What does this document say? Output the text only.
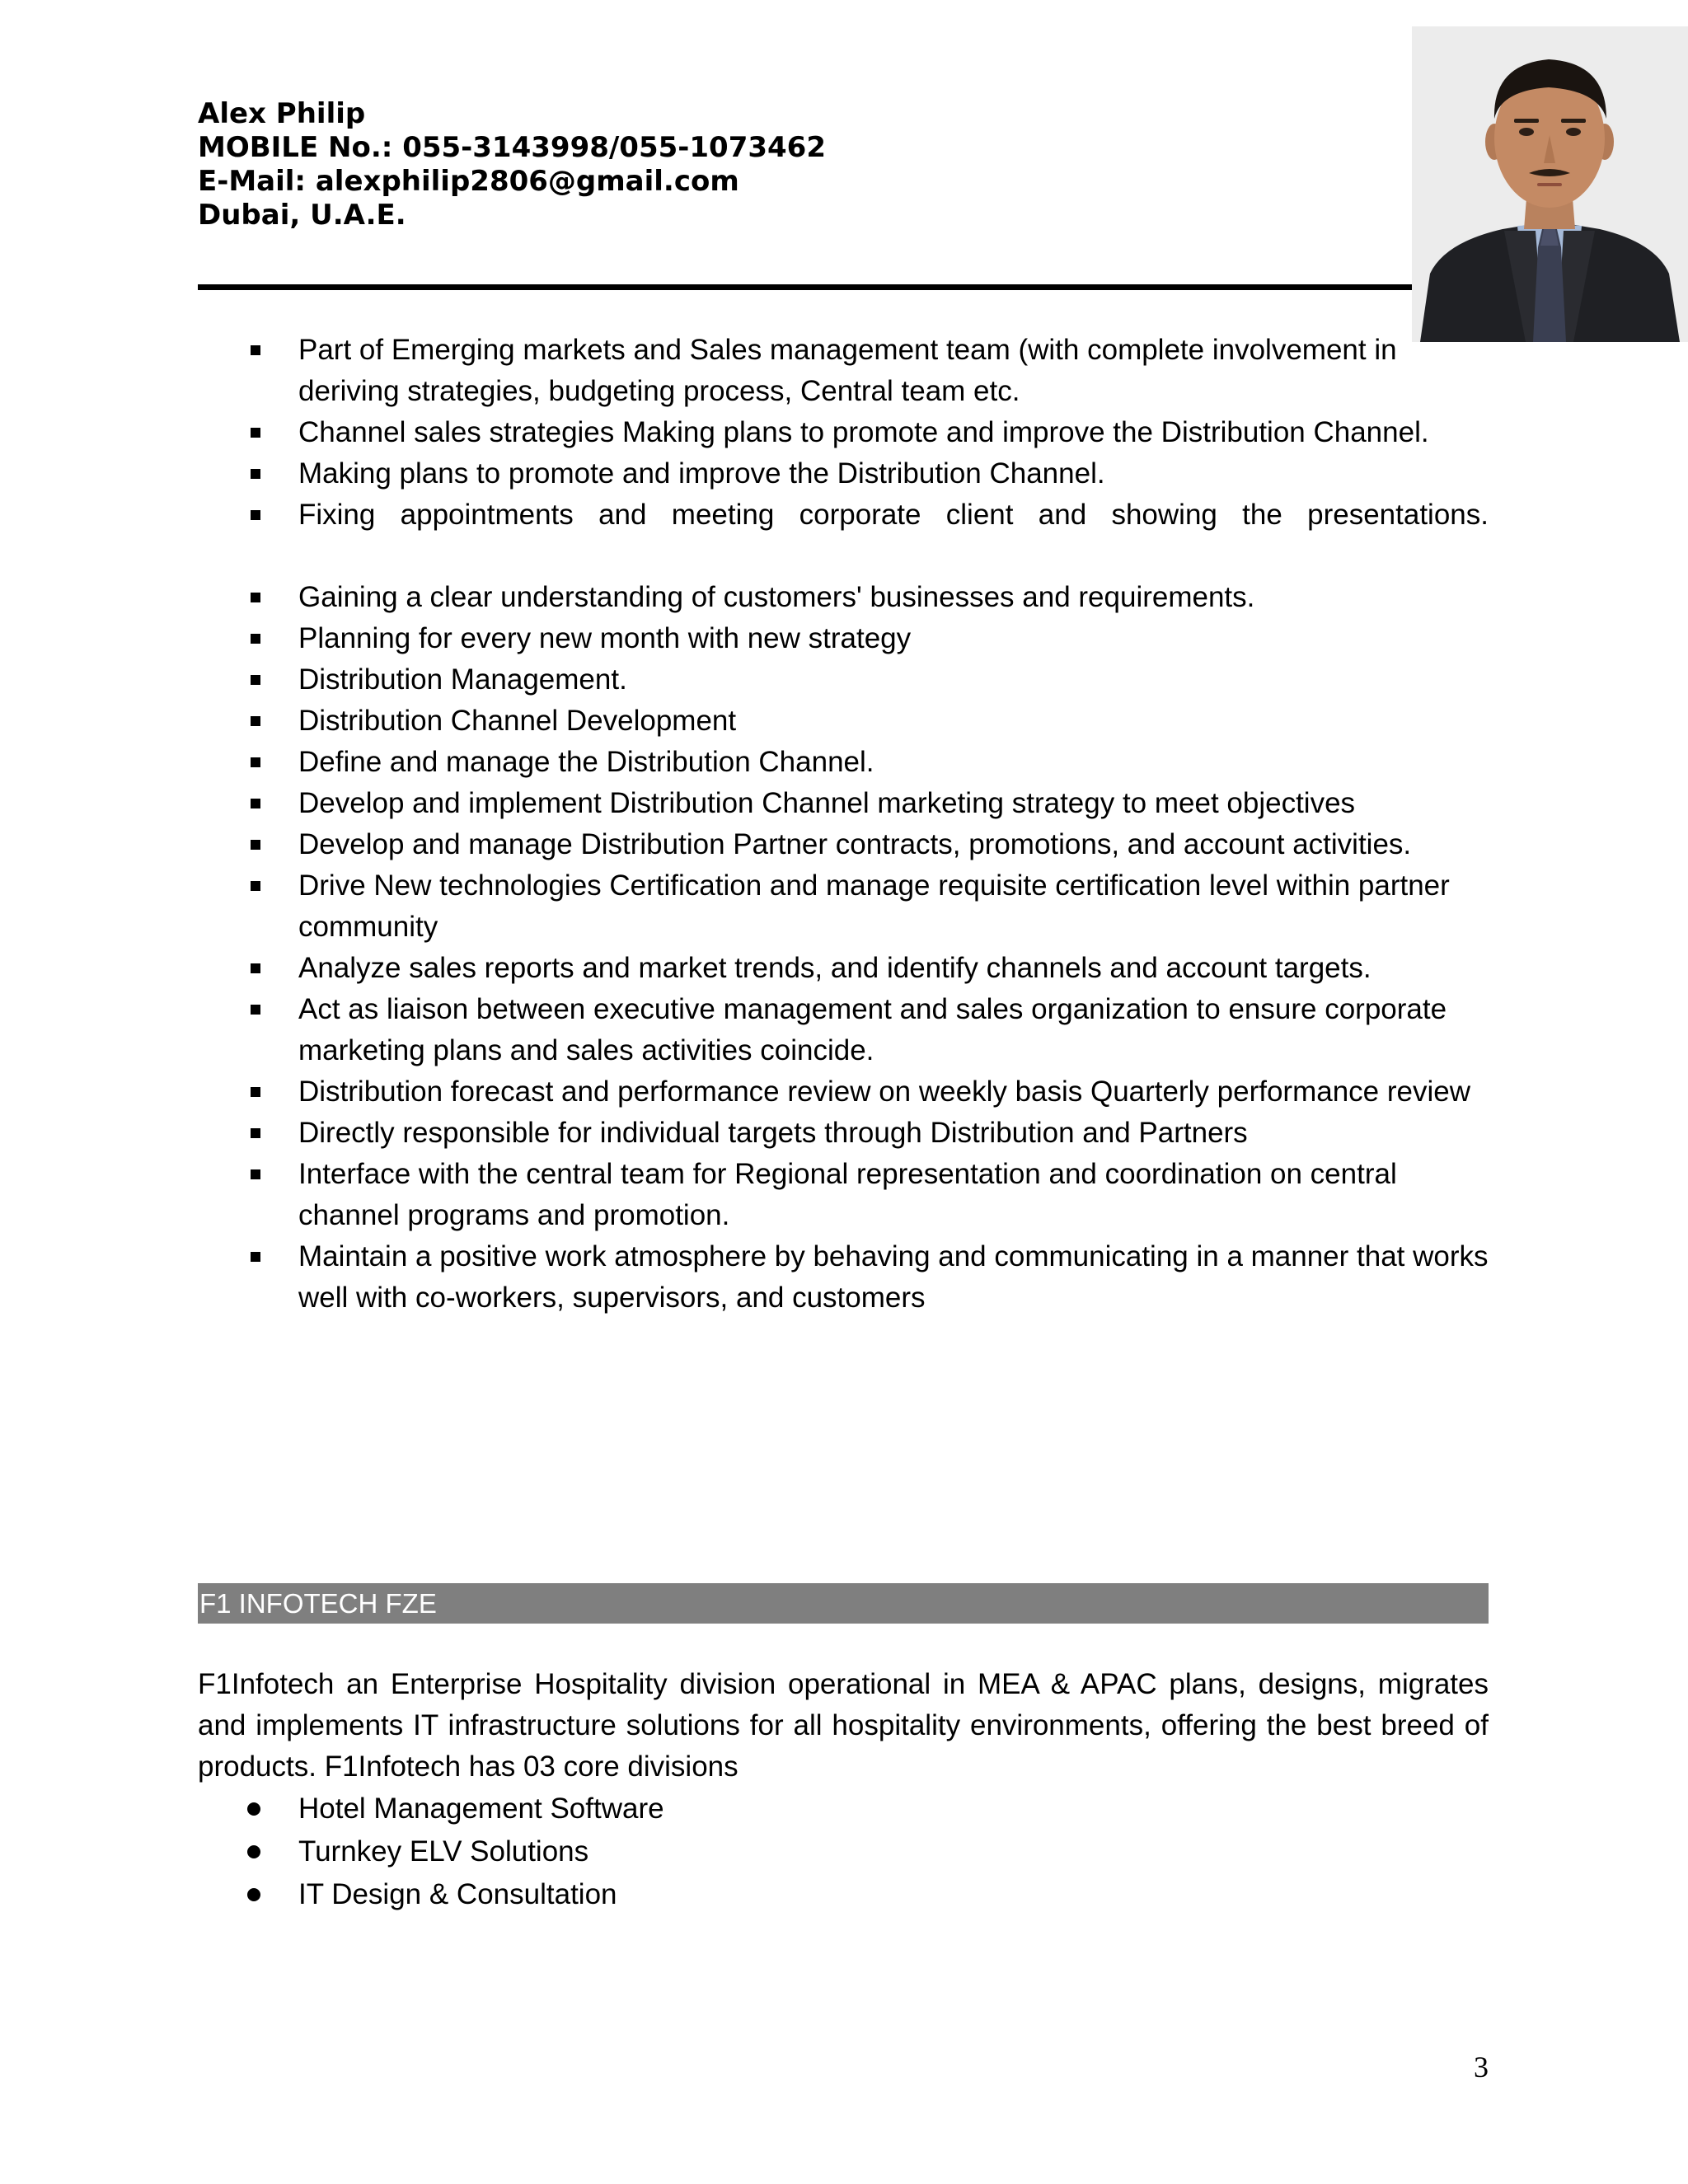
Alex Philip
MOBILE No.: 055-3143998/055-1073462
E-Mail: alexphilip2806@gmail.com
Dubai, U.A.E.
Part of Emerging markets and Sales management team (with complete involvement in deriving strategies, budgeting process, Central team etc.
Channel sales strategies Making plans to promote and improve the Distribution Channel.
Making plans to promote and improve the Distribution Channel.
Fixing appointments and meeting corporate client and showing the presentations.
Gaining a clear understanding of customers' businesses and requirements.
Planning for every new month with new strategy
Distribution Management.
Distribution Channel Development
Define and manage the Distribution Channel.
Develop and implement Distribution Channel marketing strategy to meet objectives
Develop and manage Distribution Partner contracts, promotions, and account activities.
Drive New technologies Certification and manage requisite certification level within partner community
Analyze sales reports and market trends, and identify channels and account targets.
Act as liaison between executive management and sales organization to ensure corporate marketing plans and sales activities coincide.
Distribution forecast and performance review on weekly basis Quarterly performance review
Directly responsible for individual targets through Distribution and Partners
Interface with the central team for Regional representation and coordination on central channel programs and promotion.
Maintain a positive work atmosphere by behaving and communicating in a manner that works well with co-workers, supervisors, and customers
F1 INFOTECH FZE

F1Infotech an Enterprise Hospitality division operational in MEA & APAC plans, designs, migrates and implements IT infrastructure solutions for all hospitality environments, offering the best breed of products. F1Infotech has 03 core divisions

Hotel Management Software
Turnkey ELV Solutions
IT Design & Consultation
3
